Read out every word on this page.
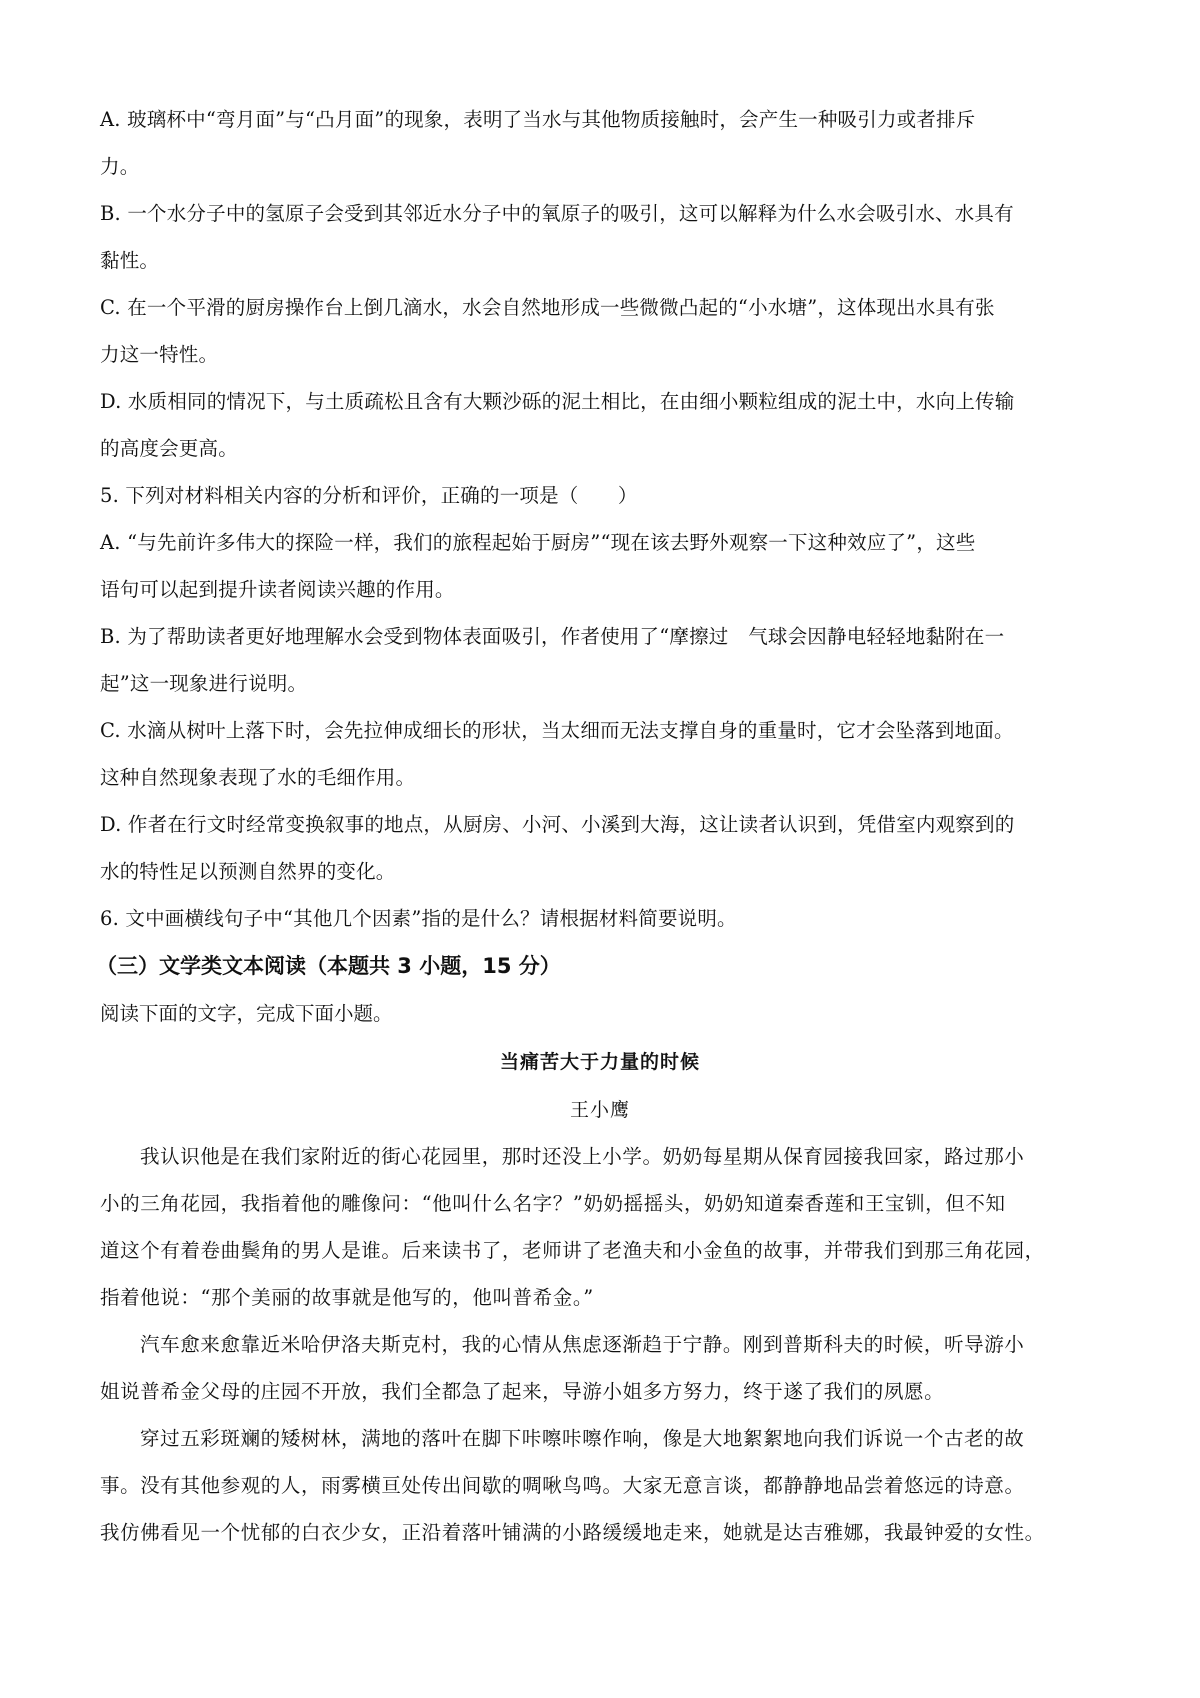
A. 玻璃杯中“弯月面”与“凸月面”的现象，表明了当水与其他物质接触时，会产生一种吸引力或者排斥
力。
B. 一个水分子中的氢原子会受到其邻近水分子中的氧原子的吸引，这可以解释为什么水会吸引水、水具有
黏性。
C. 在一个平滑的厨房操作台上倒几滴水，水会自然地形成一些微微凸起的“小水塘”，这体现出水具有张
力这一特性。
D. 水质相同的情况下，与土质疏松且含有大颗沙砾的泥土相比，在由细小颗粒组成的泥土中，水向上传输
的高度会更高。
5. 下列对材料相关内容的分析和评价，正确的一项是（　　）
A. “与先前许多伟大的探险一样，我们的旅程起始于厨房”“现在该去野外观察一下这种效应了”，这些
语句可以起到提升读者阅读兴趣的作用。
B. 为了帮助读者更好地理解水会受到物体表面吸引，作者使用了“摩擦过　气球会因静电轻轻地黏附在一
起”这一现象进行说明。
C. 水滴从树叶上落下时，会先拉伸成细长的形状，当太细而无法支撑自身的重量时，它才会坠落到地面。
这种自然现象表现了水的毛细作用。
D. 作者在行文时经常变换叙事的地点，从厨房、小河、小溪到大海，这让读者认识到，凭借室内观察到的
水的特性足以预测自然界的变化。
6. 文中画横线句子中“其他几个因素”指的是什么？请根据材料简要说明。
（三）文学类文本阅读（本题共 3 小题，15 分）
阅读下面的文字，完成下面小题。
当痛苦大于力量的时候
王小鹰
我认识他是在我们家附近的街心花园里，那时还没上小学。奶奶每星期从保育园接我回家，路过那小
小的三角花园，我指着他的雕像问：“他叫什么名字？”奶奶摇摇头，奶奶知道秦香莲和王宝钏，但不知
道这个有着卷曲鬓角的男人是谁。后来读书了，老师讲了老渔夫和小金鱼的故事，并带我们到那三角花园，
指着他说：“那个美丽的故事就是他写的，他叫普希金。”
汽车愈来愈靠近米哈伊洛夫斯克村，我的心情从焦虑逐渐趋于宁静。刚到普斯科夫的时候，听导游小
姐说普希金父母的庄园不开放，我们全都急了起来，导游小姐多方努力，终于遂了我们的夙愿。
穿过五彩斑斓的矮树林，满地的落叶在脚下咔嚓咔嚓作响，像是大地絮絮地向我们诉说一个古老的故
事。没有其他参观的人，雨雾横亘处传出间歇的啁啾鸟鸣。大家无意言谈，都静静地品尝着悠远的诗意。
我仿佛看见一个忧郁的白衣少女，正沿着落叶铺满的小路缓缓地走来，她就是达吉雅娜，我最钟爱的女性。
